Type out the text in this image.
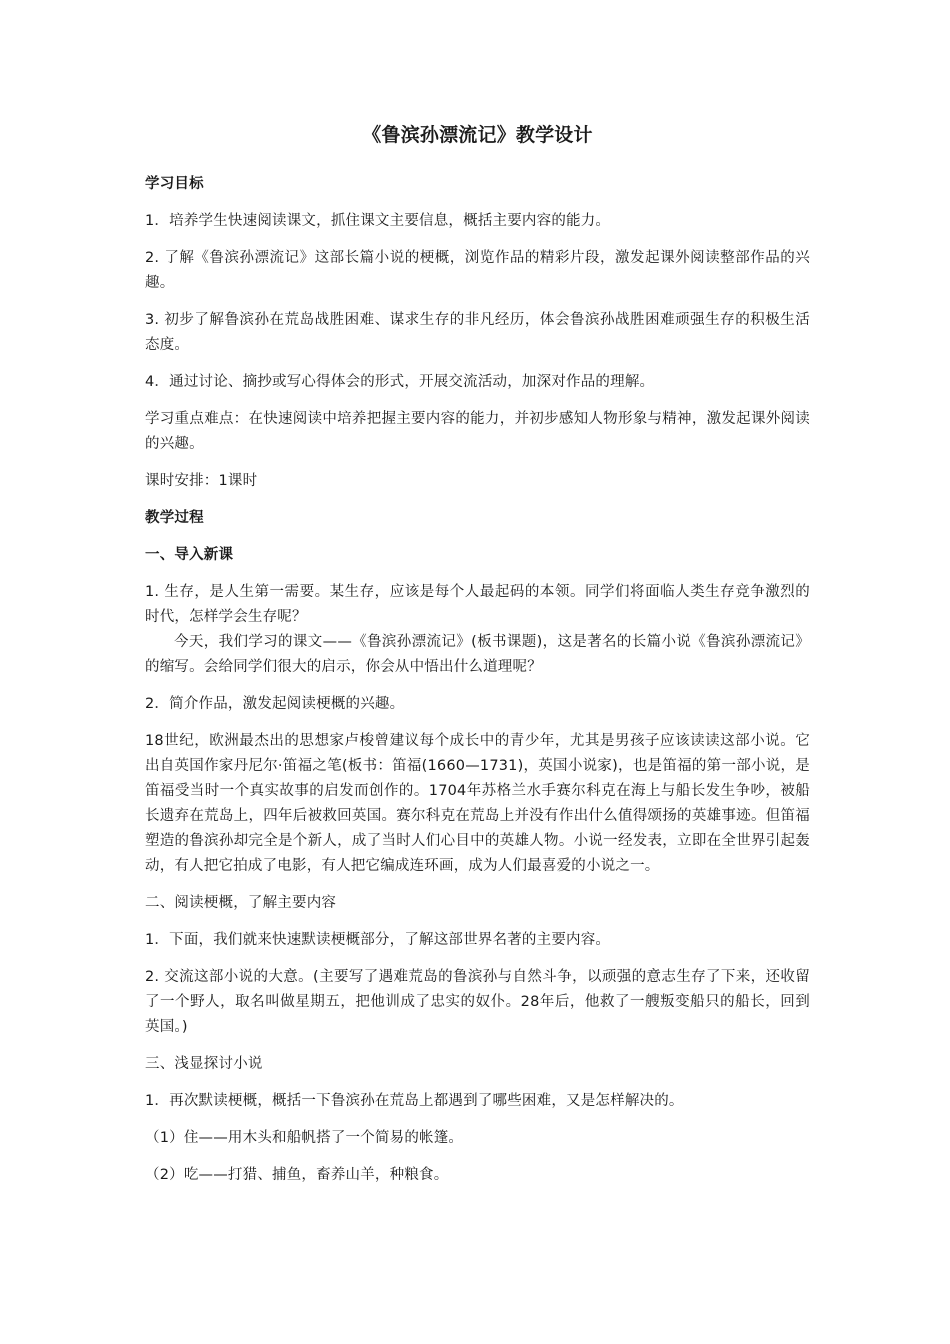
《鲁滨孙漂流记》教学设计
学习目标
1．培养学生快速阅读课文，抓住课文主要信息，概括主要内容的能力。
2. 了解《鲁滨孙漂流记》这部长篇小说的梗概，浏览作品的精彩片段，激发起课外阅读整部作品的兴趣。
3. 初步了解鲁滨孙在荒岛战胜困难、谋求生存的非凡经历，体会鲁滨孙战胜困难顽强生存的积极生活态度。
4．通过讨论、摘抄或写心得体会的形式，开展交流活动，加深对作品的理解。
学习重点难点：在快速阅读中培养把握主要内容的能力，并初步感知人物形象与精神，激发起课外阅读的兴趣。
课时安排：1课时
教学过程
一、导入新课
1. 生存，是人生第一需要。某生存，应该是每个人最起码的本领。同学们将面临人类生存竞争激烈的时代，怎样学会生存呢？
今天，我们学习的课文——《鲁滨孙漂流记》(板书课题)，这是著名的长篇小说《鲁滨孙漂流记》的缩写。会给同学们很大的启示，你会从中悟出什么道理呢？
2．简介作品，激发起阅读梗概的兴趣。
18世纪，欧洲最杰出的思想家卢梭曾建议每个成长中的青少年，尤其是男孩子应该读读这部小说。它出自英国作家丹尼尔·笛福之笔(板书：笛福(1660—1731)，英国小说家)，也是笛福的第一部小说，是笛福受当时一个真实故事的启发而创作的。1704年苏格兰水手赛尔科克在海上与船长发生争吵，被船长遗弃在荒岛上，四年后被救回英国。赛尔科克在荒岛上并没有作出什么值得颂扬的英雄事迹。但笛福塑造的鲁滨孙却完全是个新人，成了当时人们心目中的英雄人物。小说一经发表，立即在全世界引起轰动，有人把它拍成了电影，有人把它编成连环画，成为人们最喜爱的小说之一。
二、阅读梗概，了解主要内容
1．下面，我们就来快速默读梗概部分，了解这部世界名著的主要内容。
2. 交流这部小说的大意。(主要写了遇难荒岛的鲁滨孙与自然斗争，以顽强的意志生存了下来，还收留了一个野人，取名叫做星期五，把他训成了忠实的奴仆。28年后，他救了一艘叛变船只的船长，回到英国。)
三、浅显探讨小说
1．再次默读梗概，概括一下鲁滨孙在荒岛上都遇到了哪些困难，又是怎样解决的。
（1）住——用木头和船帆搭了一个简易的帐篷。
（2）吃——打猎、捕鱼，畜养山羊，种粮食。
